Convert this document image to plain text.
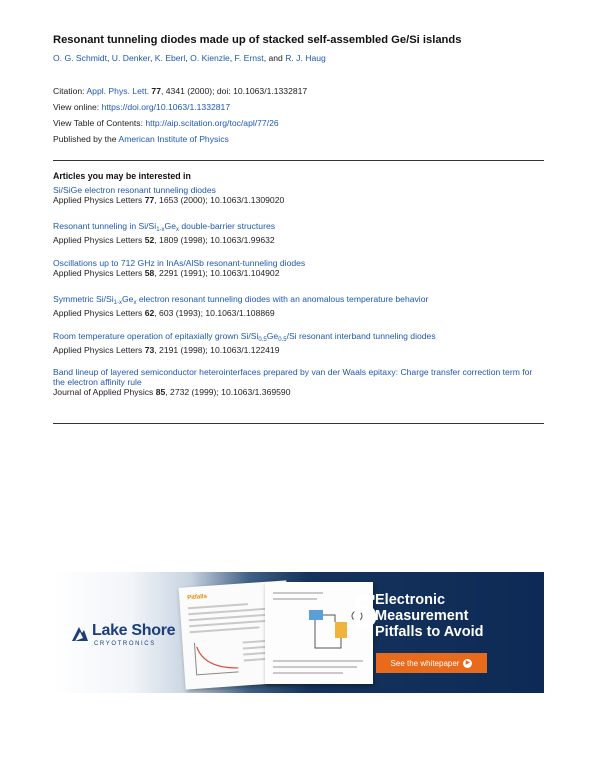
Resonant tunneling diodes made up of stacked self-assembled Ge/Si islands
O. G. Schmidt, U. Denker, K. Eberl, O. Kienzle, F. Ernst, and R. J. Haug
Citation: Appl. Phys. Lett. 77, 4341 (2000); doi: 10.1063/1.1332817
View online: https://doi.org/10.1063/1.1332817
View Table of Contents: http://aip.scitation.org/toc/apl/77/26
Published by the American Institute of Physics
Articles you may be interested in
Si/SiGe electron resonant tunneling diodes
Applied Physics Letters 77, 1653 (2000); 10.1063/1.1309020
Resonant tunneling in $Si/Si_{1-x}Ge_x$ double-barrier structures
Applied Physics Letters 52, 1809 (1998); 10.1063/1.99632
Oscillations up to 712 GHz in InAs/AlSb resonant-tunneling diodes
Applied Physics Letters 58, 2291 (1991); 10.1063/1.104902
Symmetric $Si/Si_{1-x}Ge_x$ electron resonant tunneling diodes with an anomalous temperature behavior
Applied Physics Letters 62, 603 (1993); 10.1063/1.108869
Room temperature operation of epitaxially grown $Si/Si_{0.5}Ge_{0.5}/Si$ resonant interband tunneling diodes
Applied Physics Letters 73, 2191 (1998); 10.1063/1.122419
Band lineup of layered semiconductor heterointerfaces prepared by van der Waals epitaxy: Charge transfer correction term for the electron affinity rule
Journal of Applied Physics 85, 2732 (1999); 10.1063/1.369590
Lake Shore
CRYOTRONICS
Pitfalls	5
Electronic
Measurement
Pitfalls to Avoid
See the whitepaper	▶
